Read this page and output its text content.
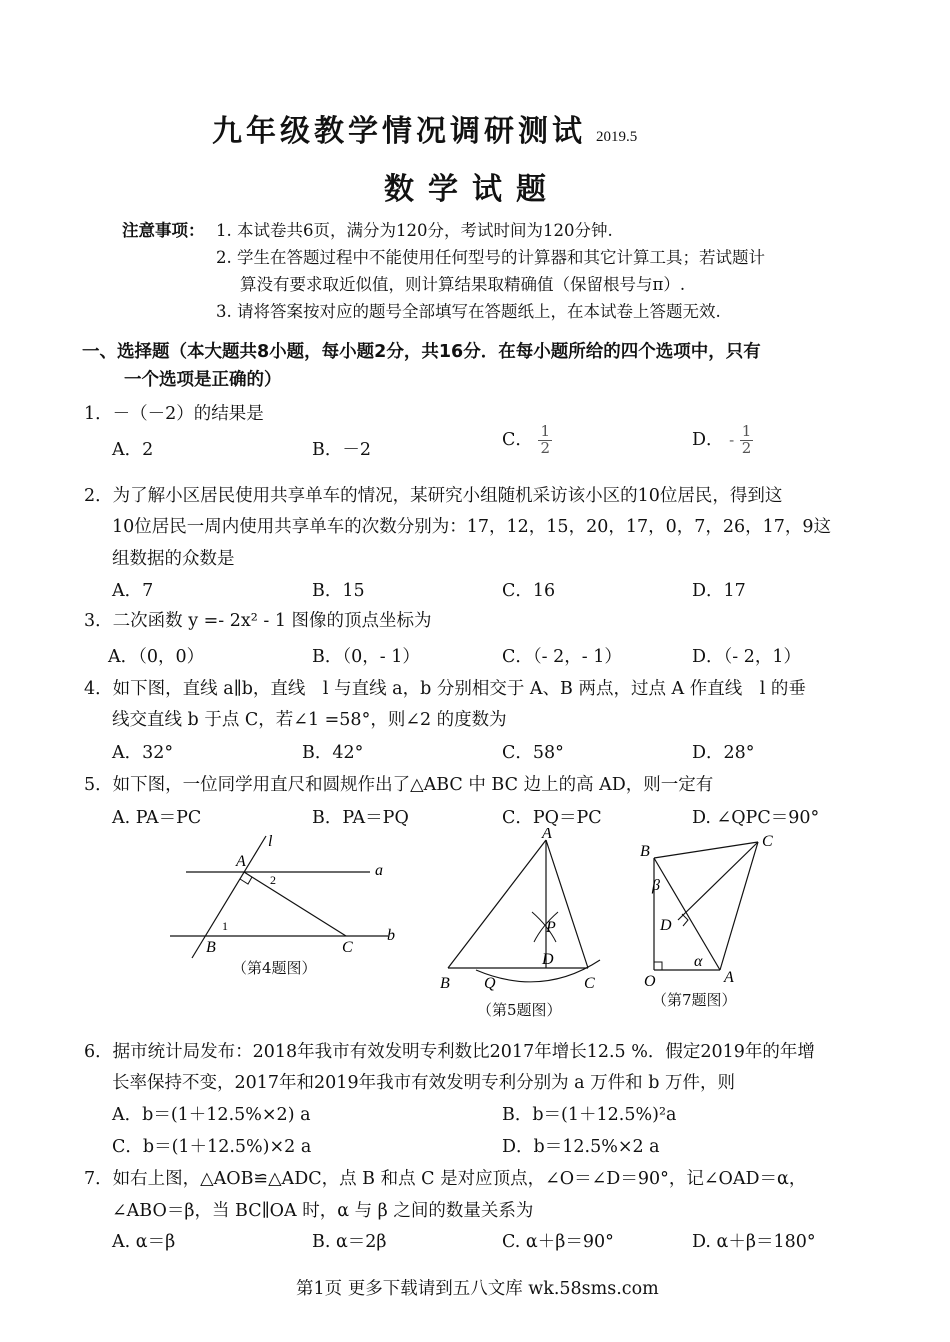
九年级教学情况调研测试 2019.5
数学试题
注意事项： 1. 本试卷共6页，满分为120分，考试时间为120分钟.
2. 学生在答题过程中不能使用任何型号的计算器和其它计算工具；若试题计
算没有要求取近似值，则计算结果取精确值（保留根号与π）.
3. 请将答案按对应的题号全部填写在答题纸上，在本试卷上答题无效.
一、选择题（本大题共8小题，每小题2分，共16分．在每小题所给的四个选项中，只有
一个选项是正确的）
1．－（－2）的结果是
A．2	B．－2
C． $\frac{1}{2}$	D． - $\frac{1}{2}$
2．为了解小区居民使用共享单车的情况，某研究小组随机采访该小区的10位居民，得到这
10位居民一周内使用共享单车的次数分别为：17，12，15，20，17，0，7，26，17，9这
组数据的众数是
A．7	B．15	C．16	D．17
3．二次函数 y =- 2x² - 1 图像的顶点坐标为
A．（0，0）	B．（0，- 1）	C．（- 2，- 1）	D．（- 2，1）
4．如下图，直线 a∥b，直线　l 与直线 a，b 分别相交于 A、B 两点，过点 A 作直线　l 的垂
线交直线 b 于点 C，若∠1 =58°，则∠2 的度数为
A．32°	B．42°	C．58°	D．28°
5．如下图，一位同学用直尺和圆规作出了△ABC 中 BC 边上的高 AD，则一定有
A. PA＝PC	B．PA＝PQ	C．PQ＝PC	D. ∠QPC＝90°
l
a
b
A
B	C
1
2
（第4题图）
A
P
D
B Q	C
（第5题图）
B
C
D
O	A
α
β
（第7题图）
6．据市统计局发布：2018年我市有效发明专利数比2017年增长12.5 %．假定2019年的年增
长率保持不变，2017年和2019年我市有效发明专利分别为 a 万件和 b 万件，则
A．b＝(1＋12.5%×2) a	B．b＝(1＋12.5%)²a
C．b＝(1＋12.5%)×2 a	D．b＝12.5%×2 a
7．如右上图，△AOB≌△ADC，点 B 和点 C 是对应顶点，∠O＝∠D＝90°，记∠OAD＝α，
∠ABO＝β，当 BC∥OA 时，α 与 β 之间的数量关系为
A. α＝β	B. α＝2β	C. α＋β＝90°	D. α＋β＝180°
第1页 更多下载请到五八文库 wk.58sms.com
